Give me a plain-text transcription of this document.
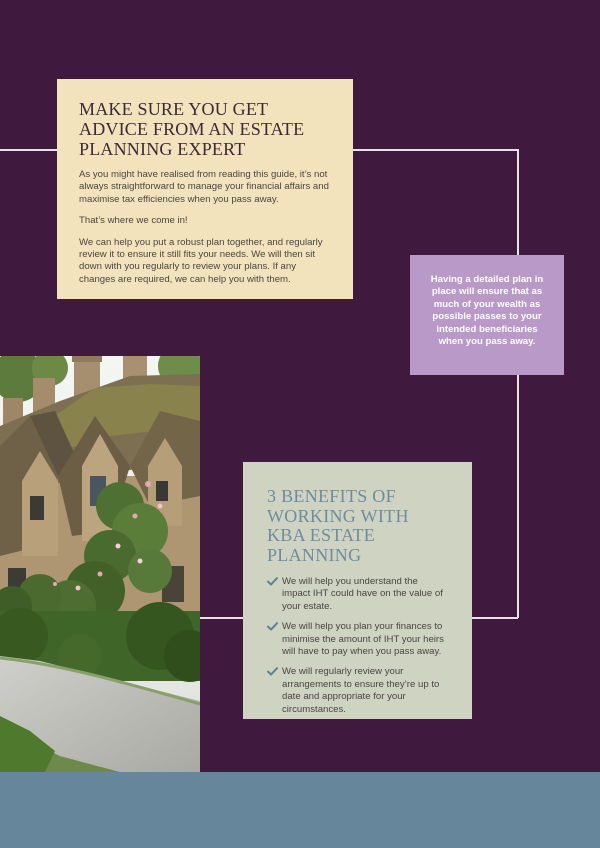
MAKE SURE YOU GET ADVICE FROM AN ESTATE PLANNING EXPERT

As you might have realised from reading this guide, it’s not always straightforward to manage your financial affairs and maximise tax efficiencies when you pass away.

That’s where we come in!

We can help you put a robust plan together, and regularly review it to ensure it still fits your needs. We will then sit down with you regularly to review your plans. If any changes are required, we can help you with them.	Having a detailed plan in place will ensure that as much of your wealth as possible passes to your intended beneficiaries when you pass away.
3 BENEFITS OF WORKING WITH KBA ESTATE PLANNING
We will help you understand the impact IHT could have on the value of your estate.
We will help you plan your finances to minimise the amount of IHT your heirs will have to pay when you pass away.
We will regularly review your arrangements to ensure they’re up to date and appropriate for your circumstances.
